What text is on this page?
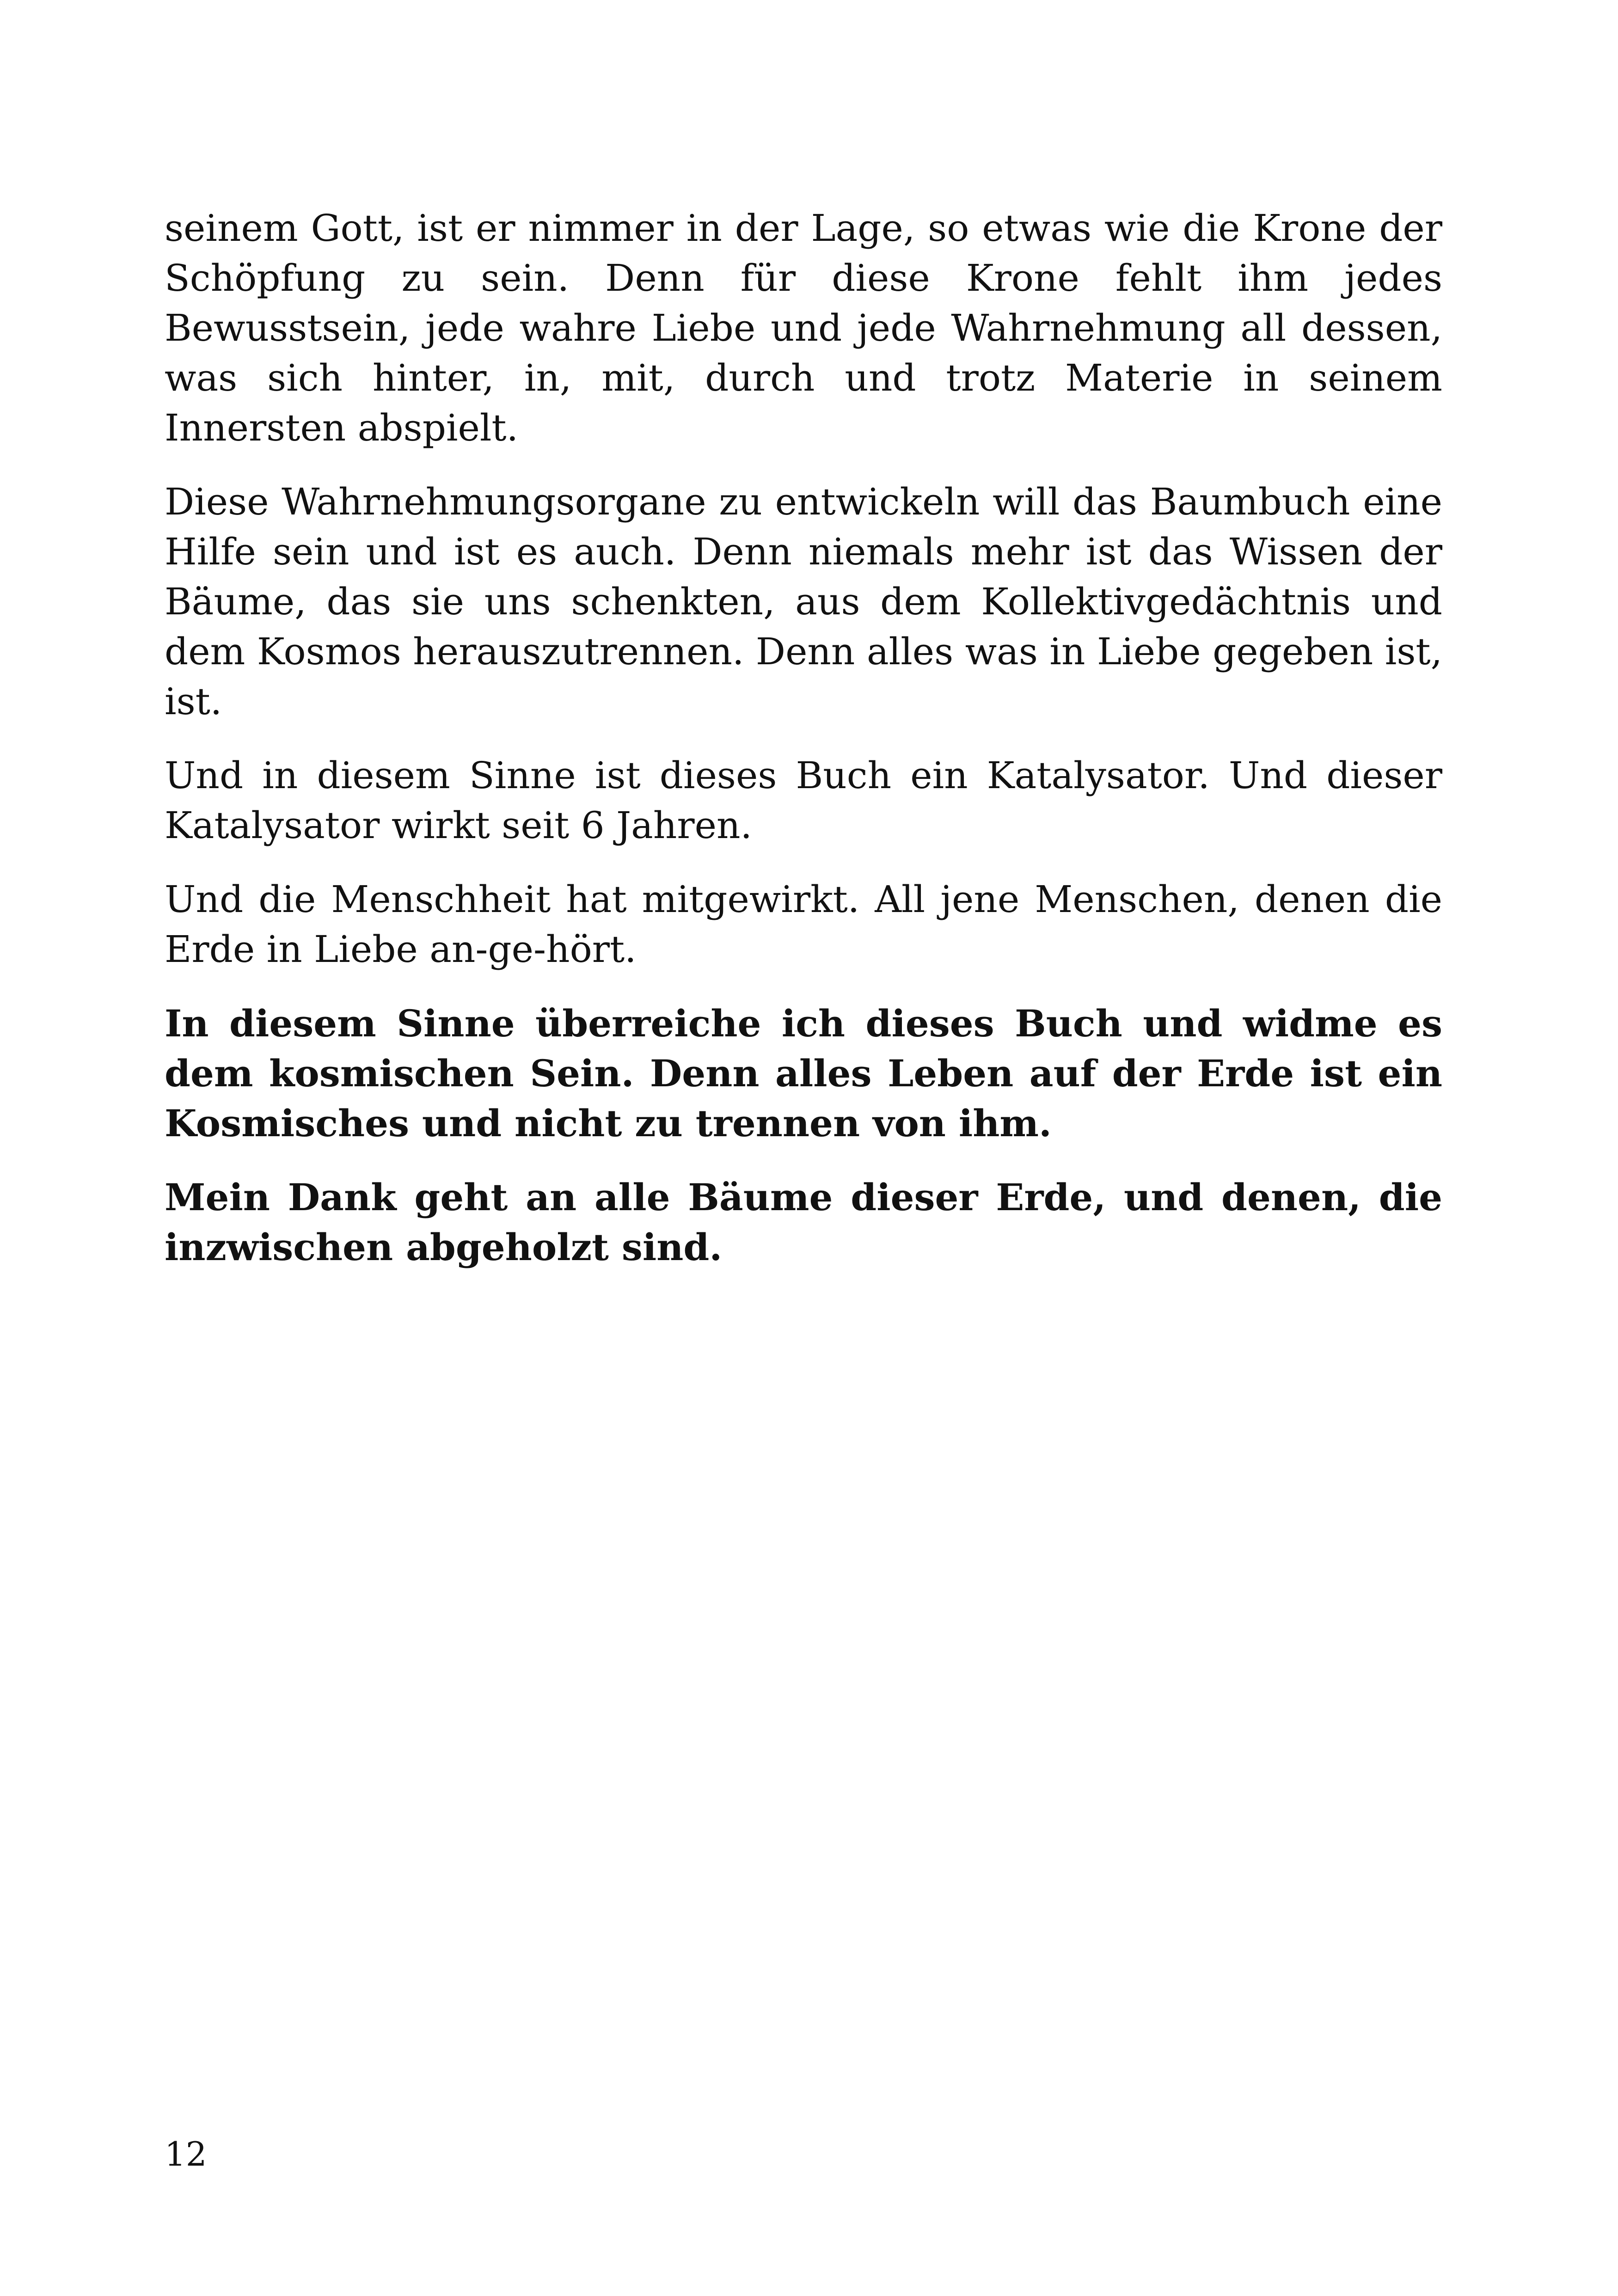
seinem Gott, ist er nimmer in der Lage, so etwas wie die Krone der Schöpfung zu sein. Denn für diese Krone fehlt ihm jedes Bewusstsein, jede wahre Liebe und jede Wahrnehmung all dessen, was sich hinter, in, mit, durch und trotz Materie in seinem Innersten abspielt.

Diese Wahrnehmungsorgane zu entwickeln will das Baumbuch eine Hilfe sein und ist es auch. Denn niemals mehr ist das Wissen der Bäume, das sie uns schenkten, aus dem Kollektivgedächtnis und dem Kosmos herauszutrennen. Denn alles was in Liebe gegeben ist, ist.

Und in diesem Sinne ist dieses Buch ein Katalysator. Und dieser Katalysator wirkt seit 6 Jahren.

Und die Menschheit hat mitgewirkt. All jene Menschen, denen die Erde in Liebe an-ge-hört.

In diesem Sinne überreiche ich dieses Buch und widme es dem kosmischen Sein. Denn alles Leben auf der Erde ist ein Kosmisches und nicht zu trennen von ihm.

Mein Dank geht an alle Bäume dieser Erde, und denen, die inzwischen abgeholzt sind.

12
